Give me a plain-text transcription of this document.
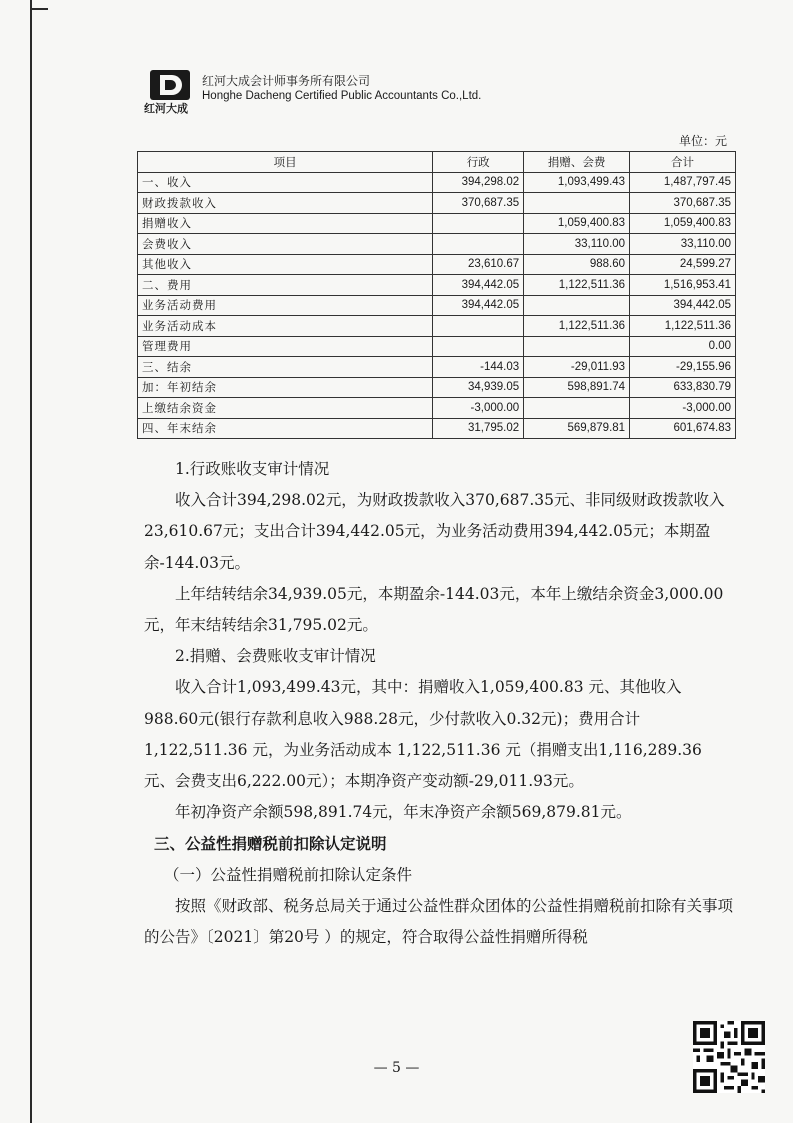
红河大成
红河大成会计师事务所有限公司
Honghe Dacheng Certified Public Accountants Co.,Ltd.
单位：元
项目	行政	捐赠、会费	合计
一、收入	394,298.02	1,093,499.43	1,487,797.45
财政拨款收入	370,687.35		370,687.35
捐赠收入		1,059,400.83	1,059,400.83
会费收入		33,110.00	33,110.00
其他收入	23,610.67	988.60	24,599.27
二、费用	394,442.05	1,122,511.36	1,516,953.41
业务活动费用	394,442.05		394,442.05
业务活动成本		1,122,511.36	1,122,511.36
管理费用			0.00
三、结余	-144.03	-29,011.93	-29,155.96
加：年初结余	34,939.05	598,891.74	633,830.79
上缴结余资金	-3,000.00		-3,000.00
四、年末结余	31,795.02	569,879.81	601,674.83

1.行政账收支审计情况

收入合计394,298.02元，为财政拨款收入370,687.35元、非同级财政拨款收入23,610.67元；支出合计394,442.05元，为业务活动费用394,442.05元；本期盈余-144.03元。

上年结转结余34,939.05元，本期盈余-144.03元，本年上缴结余资金3,000.00元，年末结转结余31,795.02元。

2.捐赠、会费账收支审计情况

收入合计1,093,499.43元，其中：捐赠收入1,059,400.83 元、其他收入 988.60元(银行存款利息收入988.28元，少付款收入0.32元)；费用合计 1,122,511.36 元，为业务活动成本 1,122,511.36 元（捐赠支出1,116,289.36 元、会费支出6,222.00元）；本期净资产变动额-29,011.93元。

年初净资产余额598,891.74元，年末净资产余额569,879.81元。

三、公益性捐赠税前扣除认定说明

（一）公益性捐赠税前扣除认定条件

按照《财政部、税务总局关于通过公益性群众团体的公益性捐赠税前扣除有关事项的公告》〔2021〕第20号 ）的规定，符合取得公益性捐赠所得税

— 5 —
